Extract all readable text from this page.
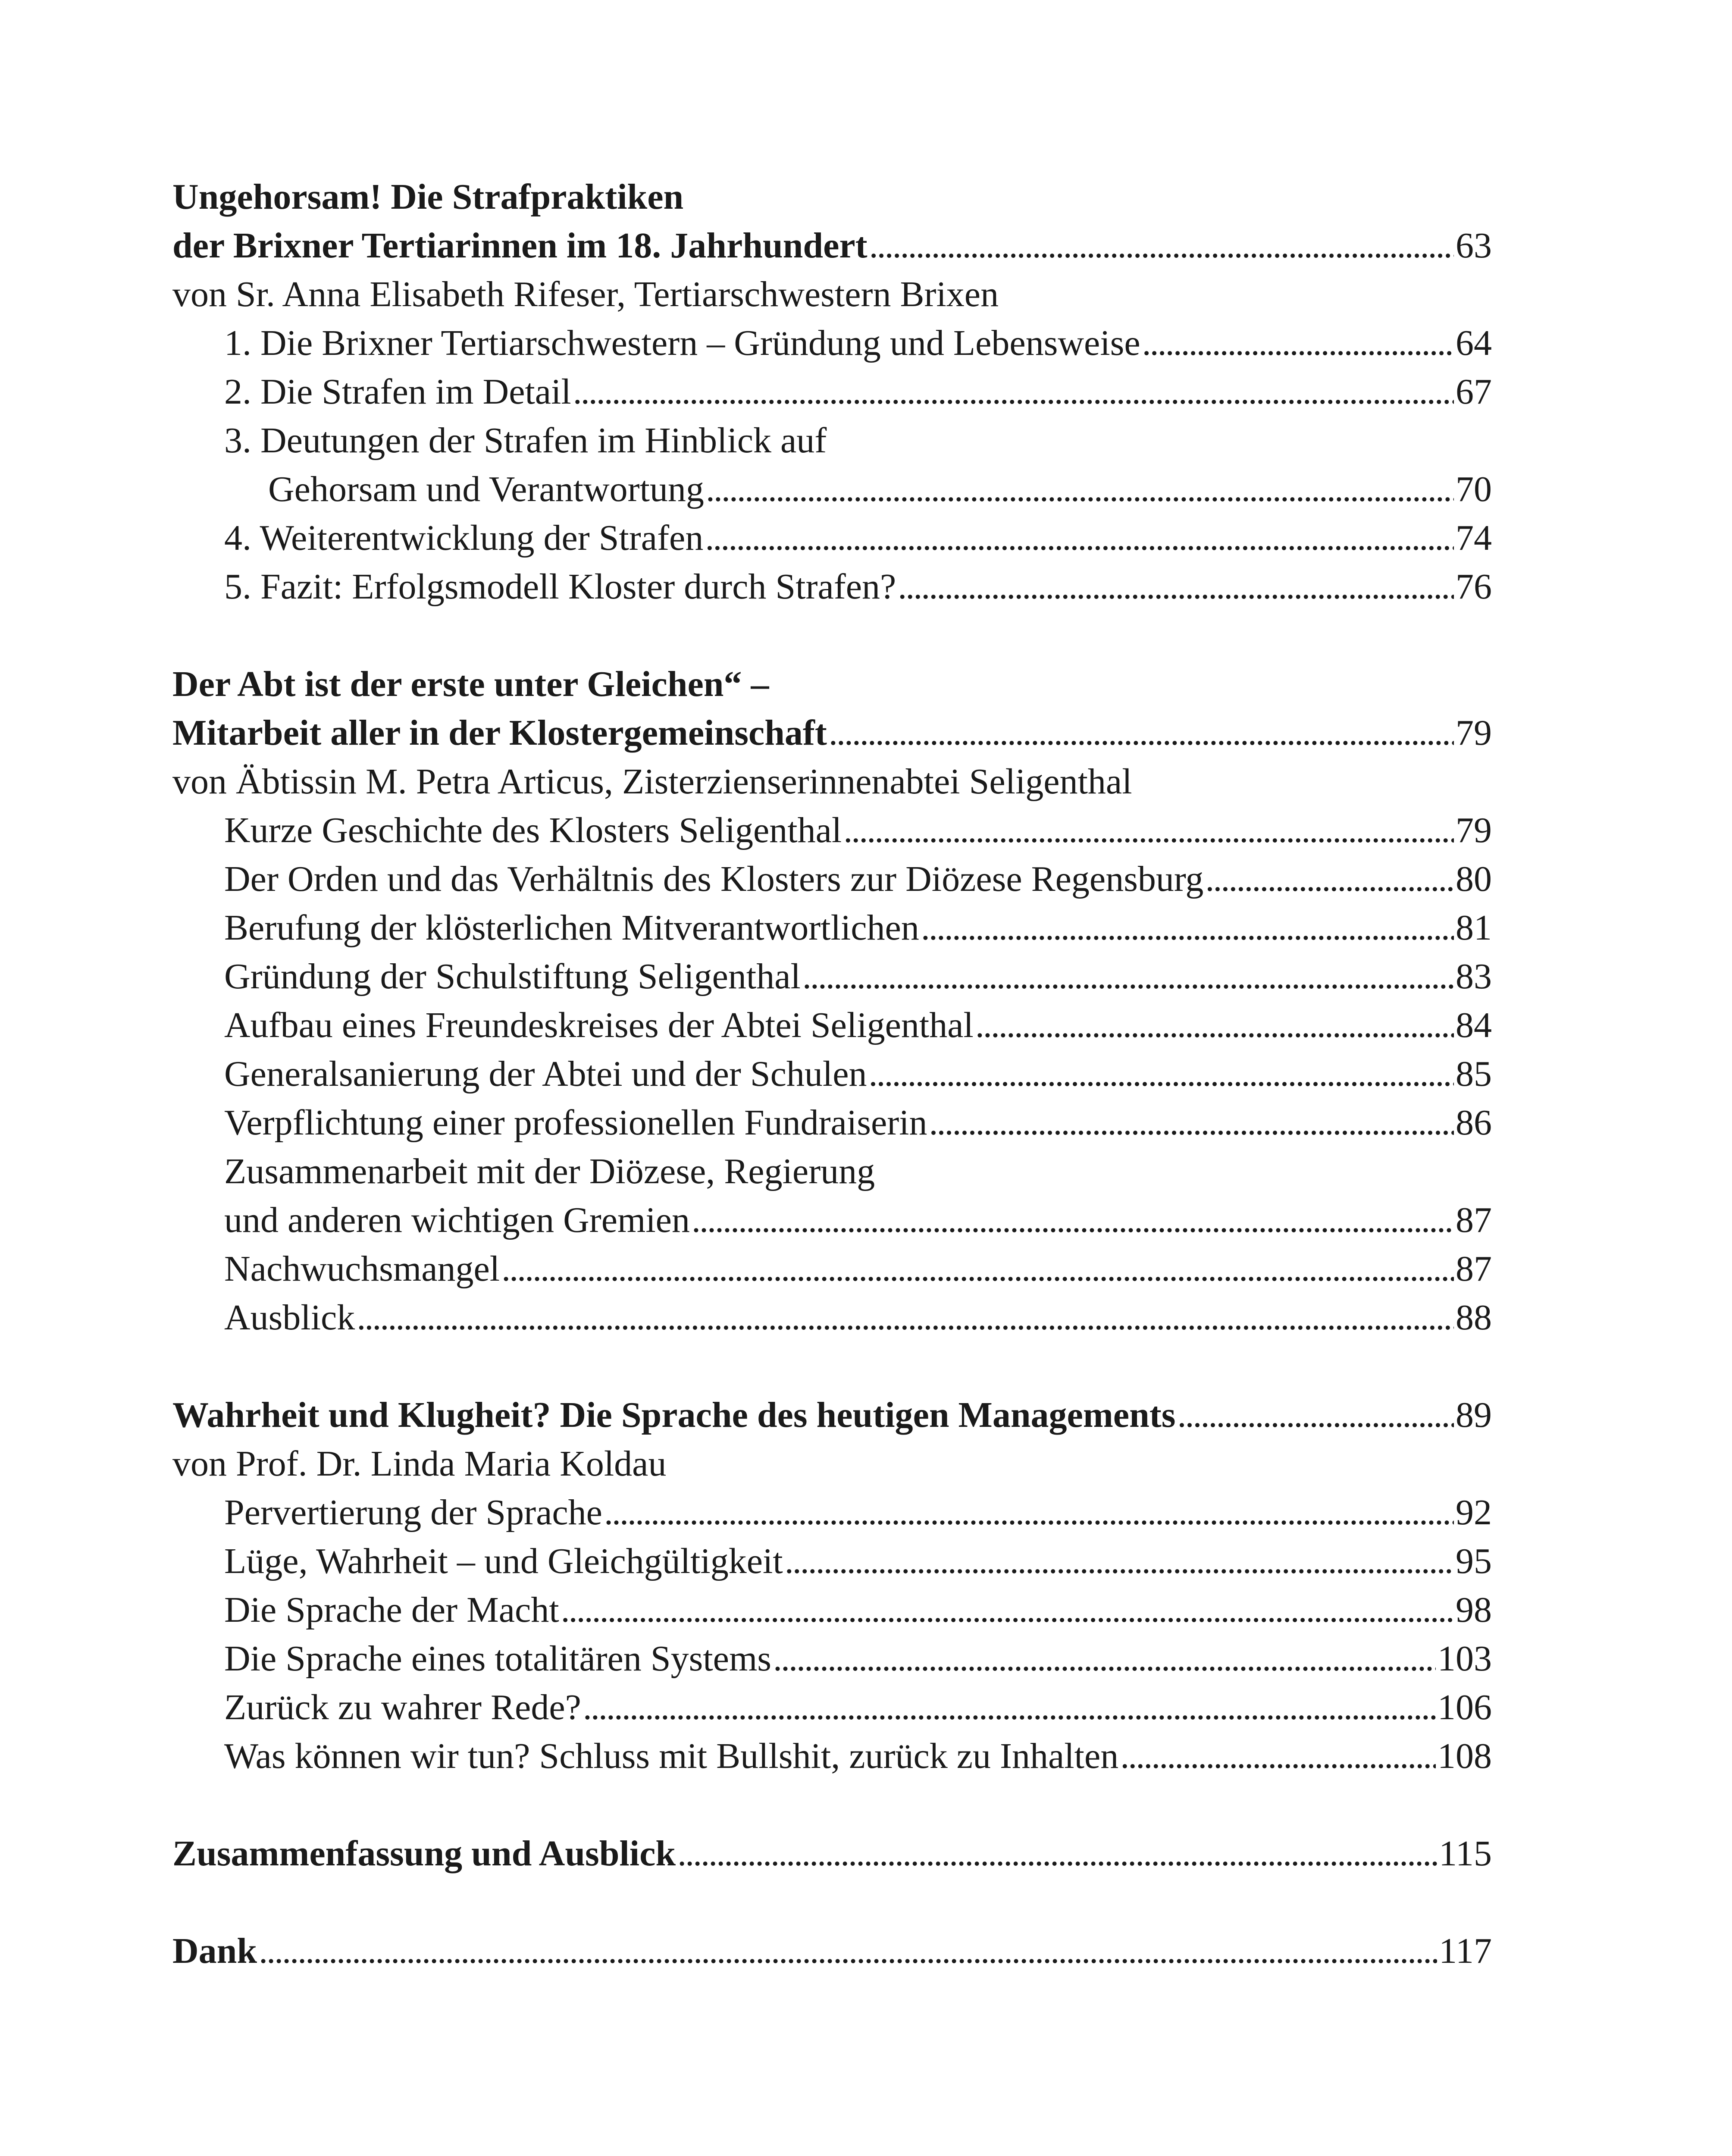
Ungehorsam! Die Strafpraktiken
der Brixner Tertiarinnen im 18. Jahrhundert . . .	63
von Sr. Anna Elisabeth Rifeser, Tertiarschwestern Brixen
1. Die Brixner Tertiarschwestern – Gründung und Lebensweise . . .	64
2. Die Strafen im Detail . . .	67
3. Deutungen der Strafen im Hinblick auf
Gehorsam und Verantwortung . . .	70
4. Weiterentwicklung der Strafen . . .	74
5. Fazit: Erfolgsmodell Kloster durch Strafen? . . .	76
Der Abt ist der erste unter Gleichen“ –
Mitarbeit aller in der Klostergemeinschaft . . .	79
von Äbtissin M. Petra Articus, Zisterzienserinnenabtei Seligenthal
Kurze Geschichte des Klosters Seligenthal . . .	79
Der Orden und das Verhältnis des Klosters zur Diözese Regensburg . . .	80
Berufung der klösterlichen Mitverantwortlichen . . .	81
Gründung der Schulstiftung Seligenthal . . .	83
Aufbau eines Freundeskreises der Abtei Seligenthal . . .	84
Generalsanierung der Abtei und der Schulen . . .	85
Verpflichtung einer professionellen Fundraiserin . . .	86
Zusammenarbeit mit der Diözese, Regierung
und anderen wichtigen Gremien . . .	87
Nachwuchsmangel . . .	87
Ausblick . . .	88
Wahrheit und Klugheit? Die Sprache des heutigen Managements . . .	89
von Prof. Dr. Linda Maria Koldau
Pervertierung der Sprache . . .	92
Lüge, Wahrheit – und Gleichgültigkeit . . .	95
Die Sprache der Macht . . .	98
Die Sprache eines totalitären Systems . . .	103
Zurück zu wahrer Rede? . . .	106
Was können wir tun? Schluss mit Bullshit, zurück zu Inhalten . . .	108
Zusammenfassung und Ausblick . . .	115
Dank . . .	117
